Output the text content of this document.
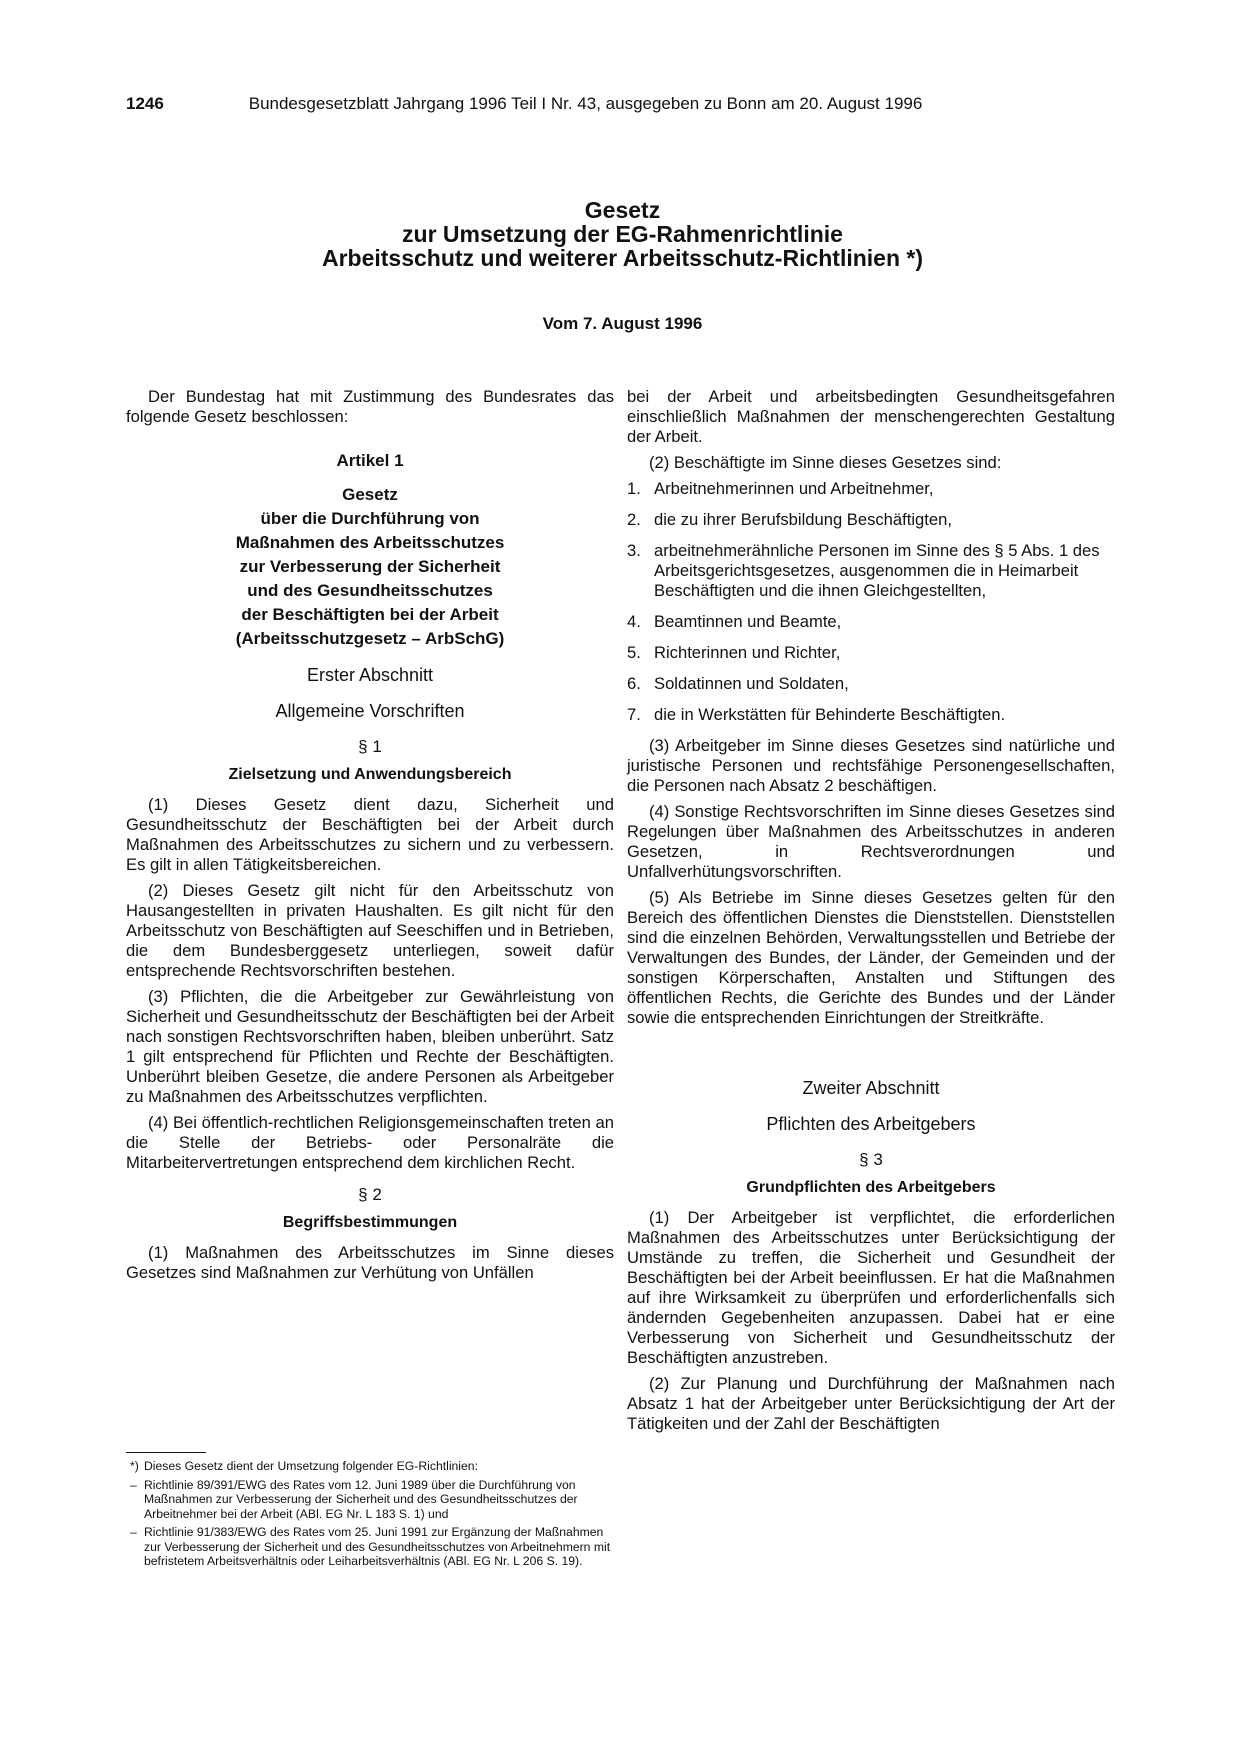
1246	Bundesgesetzblatt Jahrgang 1996 Teil I Nr. 43, ausgegeben zu Bonn am 20. August 1996
Gesetz
zur Umsetzung der EG-Rahmenrichtlinie
Arbeitsschutz und weiterer Arbeitsschutz-Richtlinien *)
Vom 7. August 1996

Der Bundestag hat mit Zustimmung des Bundesrates das folgende Gesetz beschlossen:

Artikel 1
Gesetz
über die Durchführung von
Maßnahmen des Arbeitsschutzes
zur Verbesserung der Sicherheit
und des Gesundheitsschutzes
der Beschäftigten bei der Arbeit
(Arbeitsschutzgesetz – ArbSchG)
Erster Abschnitt
Allgemeine Vorschriften
§ 1
Zielsetzung und Anwendungsbereich

(1) Dieses Gesetz dient dazu, Sicherheit und Gesundheitsschutz der Beschäftigten bei der Arbeit durch Maßnahmen des Arbeitsschutzes zu sichern und zu verbessern. Es gilt in allen Tätigkeitsbereichen.

(2) Dieses Gesetz gilt nicht für den Arbeitsschutz von Hausangestellten in privaten Haushalten. Es gilt nicht für den Arbeitsschutz von Beschäftigten auf Seeschiffen und in Betrieben, die dem Bundesberggesetz unterliegen, soweit dafür entsprechende Rechtsvorschriften bestehen.

(3) Pflichten, die die Arbeitgeber zur Gewährleistung von Sicherheit und Gesundheitsschutz der Beschäftigten bei der Arbeit nach sonstigen Rechtsvorschriften haben, bleiben unberührt. Satz 1 gilt entsprechend für Pflichten und Rechte der Beschäftigten. Unberührt bleiben Gesetze, die andere Personen als Arbeitgeber zu Maßnahmen des Arbeitsschutzes verpflichten.

(4) Bei öffentlich-rechtlichen Religionsgemeinschaften treten an die Stelle der Betriebs- oder Personalräte die Mitarbeitervertretungen entsprechend dem kirchlichen Recht.

§ 2
Begriffsbestimmungen

(1) Maßnahmen des Arbeitsschutzes im Sinne dieses Gesetzes sind Maßnahmen zur Verhütung von Unfällen

bei der Arbeit und arbeitsbedingten Gesundheitsgefahren einschließlich Maßnahmen der menschengerechten Gestaltung der Arbeit.

(2) Beschäftigte im Sinne dieses Gesetzes sind:

1. Arbeitnehmerinnen und Arbeitnehmer,
2. die zu ihrer Berufsbildung Beschäftigten,
3. arbeitnehmerähnliche Personen im Sinne des § 5 Abs. 1 des Arbeitsgerichtsgesetzes, ausgenommen die in Heimarbeit Beschäftigten und die ihnen Gleichgestellten,
4. Beamtinnen und Beamte,
5. Richterinnen und Richter,
6. Soldatinnen und Soldaten,
7. die in Werkstätten für Behinderte Beschäftigten.

(3) Arbeitgeber im Sinne dieses Gesetzes sind natürliche und juristische Personen und rechtsfähige Personengesellschaften, die Personen nach Absatz 2 beschäftigen.

(4) Sonstige Rechtsvorschriften im Sinne dieses Gesetzes sind Regelungen über Maßnahmen des Arbeitsschutzes in anderen Gesetzen, in Rechtsverordnungen und Unfallverhütungsvorschriften.

(5) Als Betriebe im Sinne dieses Gesetzes gelten für den Bereich des öffentlichen Dienstes die Dienststellen. Dienststellen sind die einzelnen Behörden, Verwaltungsstellen und Betriebe der Verwaltungen des Bundes, der Länder, der Gemeinden und der sonstigen Körperschaften, Anstalten und Stiftungen des öffentlichen Rechts, die Gerichte des Bundes und der Länder sowie die entsprechenden Einrichtungen der Streitkräfte.

Zweiter Abschnitt
Pflichten des Arbeitgebers
§ 3
Grundpflichten des Arbeitgebers

(1) Der Arbeitgeber ist verpflichtet, die erforderlichen Maßnahmen des Arbeitsschutzes unter Berücksichtigung der Umstände zu treffen, die Sicherheit und Gesundheit der Beschäftigten bei der Arbeit beeinflussen. Er hat die Maßnahmen auf ihre Wirksamkeit zu überprüfen und erforderlichenfalls sich ändernden Gegebenheiten anzupassen. Dabei hat er eine Verbesserung von Sicherheit und Gesundheitsschutz der Beschäftigten anzustreben.

(2) Zur Planung und Durchführung der Maßnahmen nach Absatz 1 hat der Arbeitgeber unter Berücksichtigung der Art der Tätigkeiten und der Zahl der Beschäftigten

*) Dieses Gesetz dient der Umsetzung folgender EG-Richtlinien:
– Richtlinie 89/391/EWG des Rates vom 12. Juni 1989 über die Durchführung von Maßnahmen zur Verbesserung der Sicherheit und des Gesundheitsschutzes der Arbeitnehmer bei der Arbeit (ABl. EG Nr. L 183 S. 1) und
– Richtlinie 91/383/EWG des Rates vom 25. Juni 1991 zur Ergänzung der Maßnahmen zur Verbesserung der Sicherheit und des Gesundheitsschutzes von Arbeitnehmern mit befristetem Arbeitsverhältnis oder Leiharbeitsverhältnis (ABl. EG Nr. L 206 S. 19).
